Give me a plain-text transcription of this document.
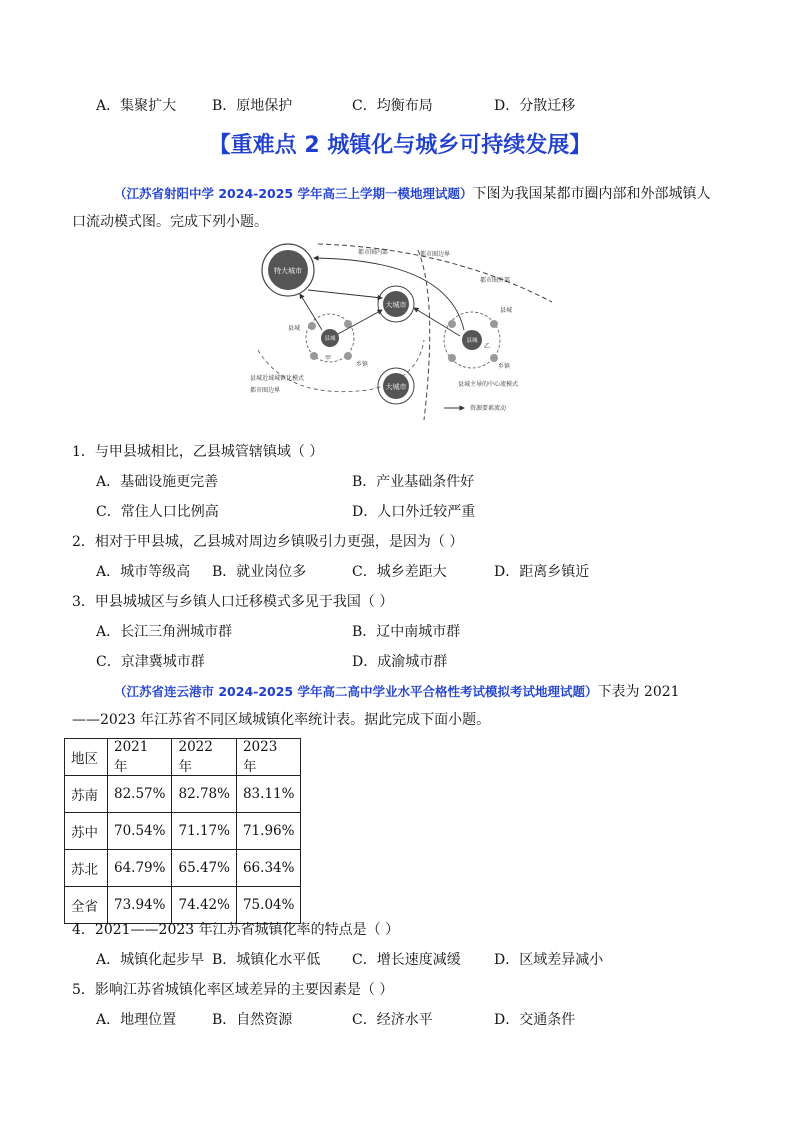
A．集聚扩大	B．原地保护	C．均衡布局	D．分散迁移
【重难点 2 城镇化与城乡可持续发展】
（江苏省射阳中学 2024-2025 学年高三上学期一模地理试题）下图为我国某都市圈内部和外部城镇人
口流动模式图。完成下列小题。
特大城市
大城市
大城市
县城
甲
县城
乡镇
县城
乙
县城
乡镇
都市圈内部	都市圈边界
都市圈外部
县城近域城镇化模式
都市圈边界
县城主导的中心流模式
资源要素流动
1．与甲县城相比，乙县城管辖镇域（ ）
A．基础设施更完善	B．产业基础条件好
C．常住人口比例高	D．人口外迁较严重
2．相对于甲县城，乙县城对周边乡镇吸引力更强，是因为（ ）
A．城市等级高 B．就业岗位多	C．城乡差距大	D．距离乡镇近
3．甲县城城区与乡镇人口迁移模式多见于我国（ ）
A．长江三角洲城市群	B．辽中南城市群
C．京津冀城市群	D．成渝城市群
（江苏省连云港市 2024-2025 学年高二高中学业水平合格性考试模拟考试地理试题）下表为 2021
——2023 年江苏省不同区域城镇化率统计表。据此完成下面小题。
地区	2021 年	2022 年	2023 年
苏南	82.57%	82.78%	83.11%
苏中	70.54%	71.17%	71.96%
苏北	64.79%	65.47%	66.34%
全省	73.94%	74.42%	75.04%
4．2021——2023 年江苏省城镇化率的特点是（ ）
A．城镇化起步早 B．城镇化水平低 C．增长速度减缓 D．区域差异减小
5．影响江苏省城镇化率区域差异的主要因素是（ ）
A．地理位置	B．自然资源	C．经济水平	D．交通条件
